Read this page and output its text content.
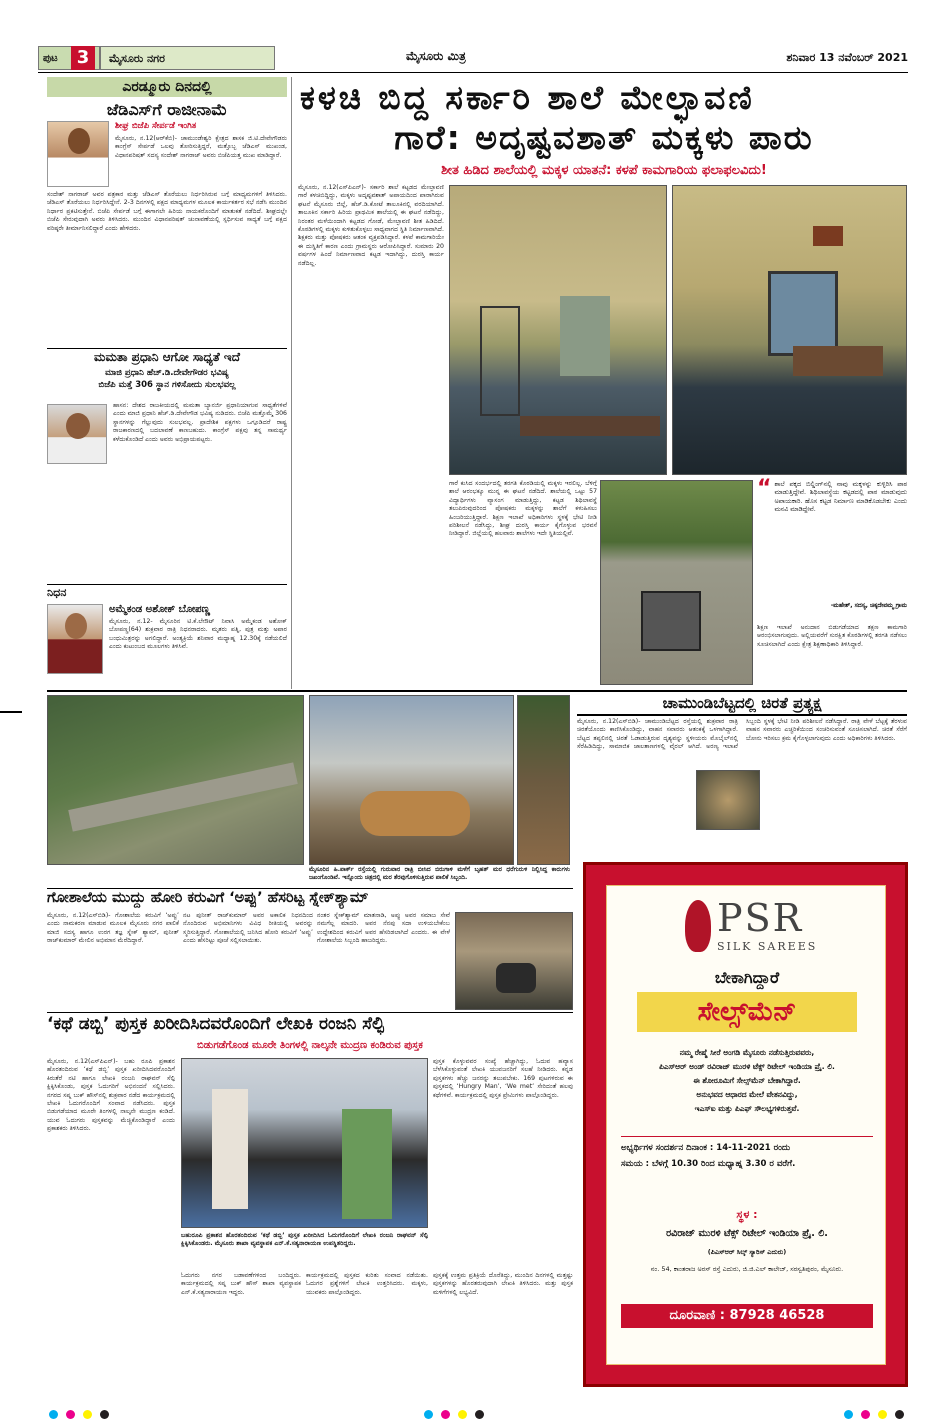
ಪುಟ	3	ಮೈಸೂರು ನಗರ	ಮೈಸೂರು ಮಿತ್ರ	ಶನಿವಾರ 13 ನವೆಂಬರ್ 2021
ಎರಡ್ಮೂರು ದಿನದಲ್ಲಿ
ಜೆಡಿಎಸ್‌ಗೆ ರಾಜೀನಾಮೆ
ಶೀಘ್ರ ಬಿಜೆಪಿ ಸೇರ್ಪಡೆ ಇಂಗಿತ
ಮೈಸೂರು, ನ.12(ಆರ್‌ಕೆಬಿ)- ಚಾಮುಂಡೇಶ್ವರಿ ಕ್ಷೇತ್ರದ ಶಾಸಕ ಜಿ.ಟಿ.ದೇವೇಗೌಡರು ಕಾಂಗ್ರೆಸ್ ಸೇರ್ಪಡೆ ಒಲವು ತೋರಿಸುತ್ತಿದ್ದರೆ, ಮತ್ತೊಬ್ಬ ಜೆಡಿಎಸ್ ಮುಖಂಡ, ವಿಧಾನಪರಿಷತ್ ಸದಸ್ಯ ಸಂದೇಶ್ ನಾಗರಾಜ್ ಅವರು ಬಿಜೆಪಿಯತ್ತ ಮುಖ ಮಾಡಿದ್ದಾರೆ.
ಸಂದೇಶ್ ನಾಗರಾಜ್ ಅವರ ಪತ್ರಕಾರ ಮತ್ತು ಜೆಡಿಎಸ್ ತೊರೆಯಲು ನಿರ್ಧರಿಸಿರುವ ಬಗ್ಗೆ ಮಾಧ್ಯಮಗಳಿಗೆ ತಿಳಿಸಿದರು. ಜೆಡಿಎಸ್ ತೊರೆಯಲು ನಿರ್ಧರಿಸಿದ್ದೇನೆ. 2-3 ದಿನಗಳಲ್ಲಿ ಪಕ್ಷದ ಮಾಧ್ಯಮಗಳ ಮೂಲಕ ಕಾರ್ಯಕರ್ತರ ಸಭೆ ನಡೆಸಿ ಮುಂದಿನ ನಿರ್ಧಾರ ಪ್ರಕಟಿಸುತ್ತೇನೆ. ಬಿಜೆಪಿ ಸೇರ್ಪಡೆ ಬಗ್ಗೆ ಈಗಾಗಲೇ ಹಿರಿಯ ನಾಯಕರೊಂದಿಗೆ ಮಾತುಕತೆ ನಡೆದಿದೆ. ಶೀಘ್ರದಲ್ಲೇ ಬಿಜೆಪಿ ಸೇರುವುದಾಗಿ ಅವರು ತಿಳಿಸಿದರು. ಮುಂದಿನ ವಿಧಾನಪರಿಷತ್ ಚುನಾವಣೆಯಲ್ಲಿ ಸ್ಪರ್ಧಿಸುವ ಸಾಧ್ಯತೆ ಬಗ್ಗೆ ಪಕ್ಷದ ವರಿಷ್ಠರೇ ತೀರ್ಮಾನಿಸಲಿದ್ದಾರೆ ಎಂದು ಹೇಳಿದರು.
ಮಮತಾ ಪ್ರಧಾನಿ ಆಗೋ ಸಾಧ್ಯತೆ ಇದೆ
ಮಾಜಿ ಪ್ರಧಾನಿ ಹೆಚ್.ಡಿ.ದೇವೇಗೌಡರ ಭವಿಷ್ಯ
ಬಿಜೆಪಿ ಮತ್ತೆ 306 ಸ್ಥಾನ ಗಳಿಸೋದು ಸುಲಭವಲ್ಲ
ಹಾಸನ: ದೇಶದ ರಾಜಕೀಯದಲ್ಲಿ ಮಮತಾ ಬ್ಯಾನರ್ಜಿ ಪ್ರಧಾನಿಯಾಗುವ ಸಾಧ್ಯತೆಗಳಿವೆ ಎಂದು ಮಾಜಿ ಪ್ರಧಾನಿ ಹೆಚ್.ಡಿ.ದೇವೇಗೌಡ ಭವಿಷ್ಯ ನುಡಿದರು. ಬಿಜೆಪಿ ಮತ್ತೊಮ್ಮೆ 306 ಸ್ಥಾನಗಳನ್ನು ಗೆಲ್ಲುವುದು ಸುಲಭವಲ್ಲ. ಪ್ರಾದೇಶಿಕ ಪಕ್ಷಗಳು ಒಗ್ಗೂಡಿದರೆ ರಾಷ್ಟ್ರ ರಾಜಕಾರಣದಲ್ಲಿ ಬದಲಾವಣೆ ಕಾಣಬಹುದು. ಕಾಂಗ್ರೆಸ್ ಪಕ್ಷವು ತನ್ನ ಸಾಮರ್ಥ್ಯ ಕಳೆದುಕೊಂಡಿದೆ ಎಂದು ಅವರು ಅಭಿಪ್ರಾಯಪಟ್ಟರು.
ನಿಧನ
ಅಮ್ಮೆಕಂಡ ಅಶೋಕ್ ಬೋಪಣ್ಣ
ಮೈಸೂರು, ನ.12- ಮೈಸೂರಿನ ಟಿ.ಕೆ.ಲೇಔಟ್ ನಿವಾಸಿ ಅಮ್ಮೆಕಂಡ ಅಶೋಕ್ ಬೋಪಣ್ಣ(64) ಶುಕ್ರವಾರ ರಾತ್ರಿ ನಿಧನರಾದರು. ಮೃತರು ಪತ್ನಿ, ಪುತ್ರ ಮತ್ತು ಅಪಾರ ಬಂಧುಮಿತ್ರರನ್ನು ಅಗಲಿದ್ದಾರೆ. ಅಂತ್ಯಕ್ರಿಯೆ ಶನಿವಾರ ಮಧ್ಯಾಹ್ನ 12.30ಕ್ಕೆ ನಡೆಯಲಿದೆ ಎಂದು ಕುಟುಂಬದ ಮೂಲಗಳು ತಿಳಿಸಿವೆ.
ಕಳಚಿ ಬಿದ್ದ ಸರ್ಕಾರಿ ಶಾಲೆ ಮೇಲ್ಛಾವಣಿ
ಗಾರೆ: ಅದೃಷ್ಟವಶಾತ್ ಮಕ್ಕಳು ಪಾರು
ಶೀತ ಹಿಡಿದ ಶಾಲೆಯಲ್ಲಿ ಮಕ್ಕಳ ಯಾತನೆ: ಕಳಪೆ ಕಾಮಗಾರಿಯ ಫಲಾಫಲವಿದು!
ಮೈಸೂರು, ನ.12(ಎಸ್‌ಪಿಎನ್)- ಸರ್ಕಾರಿ ಶಾಲೆ ಕಟ್ಟಡದ ಮೇಲ್ಛಾವಣಿ ಗಾರೆ ಕಳಚಿಬಿದ್ದಿದ್ದು, ಮಕ್ಕಳು ಅದೃಷ್ಟವಶಾತ್ ಅಪಾಯದಿಂದ ಪಾರಾಗಿರುವ ಘಟನೆ ಮೈಸೂರು ಜಿಲ್ಲೆ, ಹೆಚ್.ಡಿ.ಕೋಟೆ ತಾಲೂಕಿನಲ್ಲಿ ವರದಿಯಾಗಿದೆ. ತಾಲೂಕಿನ ಸರ್ಕಾರಿ ಹಿರಿಯ ಪ್ರಾಥಮಿಕ ಶಾಲೆಯಲ್ಲಿ ಈ ಘಟನೆ ನಡೆದಿದ್ದು, ನಿರಂತರ ಮಳೆಯಿಂದಾಗಿ ಕಟ್ಟಡದ ಗೋಡೆ, ಮೇಲ್ಛಾವಣಿ ಶೀತ ಹಿಡಿದಿದೆ. ಕೊಠಡಿಗಳಲ್ಲಿ ಮಕ್ಕಳು ಕುಳಿತುಕೊಳ್ಳಲು ಸಾಧ್ಯವಾಗದ ಸ್ಥಿತಿ ನಿರ್ಮಾಣವಾಗಿದೆ. ಶಿಕ್ಷಕರು ಮತ್ತು ಪೋಷಕರು ಆತಂಕ ವ್ಯಕ್ತಪಡಿಸಿದ್ದಾರೆ. ಕಳಪೆ ಕಾಮಗಾರಿಯೇ ಈ ದುಸ್ಥಿತಿಗೆ ಕಾರಣ ಎಂದು ಗ್ರಾಮಸ್ಥರು ಆರೋಪಿಸಿದ್ದಾರೆ. ಸುಮಾರು 20 ವರ್ಷಗಳ ಹಿಂದೆ ನಿರ್ಮಾಣವಾದ ಕಟ್ಟಡ ಇದಾಗಿದ್ದು, ದುರಸ್ತಿ ಕಾರ್ಯ ನಡೆದಿಲ್ಲ.
ಗಾರೆ ಕುಸಿದ ಸಂದರ್ಭದಲ್ಲಿ ತರಗತಿ ಕೊಠಡಿಯಲ್ಲಿ ಮಕ್ಕಳು ಇರಲಿಲ್ಲ. ಬೆಳಿಗ್ಗೆ ಶಾಲೆ ಆರಂಭಕ್ಕೂ ಮುನ್ನ ಈ ಘಟನೆ ನಡೆದಿದೆ. ಶಾಲೆಯಲ್ಲಿ ಒಟ್ಟು 57 ವಿದ್ಯಾರ್ಥಿಗಳು ವ್ಯಾಸಂಗ ಮಾಡುತ್ತಿದ್ದು, ಕಟ್ಟಡ ಶಿಥಿಲಾವಸ್ಥೆ ತಲುಪಿರುವುದರಿಂದ ಪೋಷಕರು ಮಕ್ಕಳನ್ನು ಶಾಲೆಗೆ ಕಳುಹಿಸಲು ಹಿಂಜರಿಯುತ್ತಿದ್ದಾರೆ. ಶಿಕ್ಷಣ ಇಲಾಖೆ ಅಧಿಕಾರಿಗಳು ಸ್ಥಳಕ್ಕೆ ಭೇಟಿ ನೀಡಿ ಪರಿಶೀಲನೆ ನಡೆಸಿದ್ದು, ಶೀಘ್ರ ದುರಸ್ತಿ ಕಾರ್ಯ ಕೈಗೊಳ್ಳುವ ಭರವಸೆ ನೀಡಿದ್ದಾರೆ. ಜಿಲ್ಲೆಯಲ್ಲಿ ಹಲವಾರು ಶಾಲೆಗಳು ಇದೇ ಸ್ಥಿತಿಯಲ್ಲಿವೆ.
“ ಶಾಲೆ ಪಕ್ಕದ ಬಿಲ್ಡಿಂಗ್‌ನಲ್ಲಿ ನಾವು ಮಕ್ಕಳನ್ನು ಕುಳ್ಳಿರಿಸಿ ಪಾಠ ಮಾಡುತ್ತಿದ್ದೇವೆ. ಶಿಥಿಲಾವಸ್ಥೆಯ ಕಟ್ಟಡದಲ್ಲಿ ಪಾಠ ಮಾಡುವುದು ಅಪಾಯಕಾರಿ. ಹೊಸ ಕಟ್ಟಡ ನಿರ್ಮಾಣ ಮಾಡಿಕೊಡಬೇಕು ಎಂದು ಮನವಿ ಮಾಡಿದ್ದೇವೆ.
-ಮಹೇಶ್, ಸದಸ್ಯ, ಚಿಕ್ಕದೇವಮ್ಮ ಗ್ರಾಮ
ಶಿಕ್ಷಣ ಇಲಾಖೆ ಅನುದಾನ ಬಿಡುಗಡೆಯಾದ ತಕ್ಷಣ ಕಾಮಗಾರಿ ಆರಂಭಿಸಲಾಗುವುದು. ಅಲ್ಲಿಯವರೆಗೆ ಸುರಕ್ಷಿತ ಕೊಠಡಿಗಳಲ್ಲಿ ತರಗತಿ ನಡೆಸಲು ಸೂಚಿಸಲಾಗಿದೆ ಎಂದು ಕ್ಷೇತ್ರ ಶಿಕ್ಷಣಾಧಿಕಾರಿ ತಿಳಿಸಿದ್ದಾರೆ.
ಮೈಸೂರಿನ ಹಿ.ಪಾರ್ಕ್ ರಸ್ತೆಯಲ್ಲಿ ಗುರುವಾರ ರಾತ್ರಿ ಬೀಸಿದ ಬಿರುಗಾಳಿ ಮಳೆಗೆ ಬೃಹತ್ ಮರ ಧರೆಗುರುಳಿ ನಿಲ್ಲಿಸಿದ್ದ ಕಾರುಗಳು ಜಖಂಗೊಂಡಿವೆ. ಇನ್ನೊಂದು ಚಿತ್ರದಲ್ಲಿ ಮರ ತೆರವುಗೊಳಿಸುತ್ತಿರುವ ಪಾಲಿಕೆ ಸಿಬ್ಬಂದಿ.
ಚಾಮುಂಡಿಬೆಟ್ಟದಲ್ಲಿ ಚಿರತೆ ಪ್ರತ್ಯಕ್ಷ
ಮೈಸೂರು, ನ.12(ಎಸ್‌ಬಿಡಿ)- ಚಾಮುಂಡಿಬೆಟ್ಟದ ರಸ್ತೆಯಲ್ಲಿ ಶುಕ್ರವಾರ ರಾತ್ರಿ ಚಿರತೆಯೊಂದು ಕಾಣಿಸಿಕೊಂಡಿದ್ದು, ವಾಹನ ಸವಾರರು ಆತಂಕಕ್ಕೆ ಒಳಗಾಗಿದ್ದಾರೆ. ಬೆಟ್ಟದ ತಪ್ಪಲಿನಲ್ಲಿ ಚಿರತೆ ಓಡಾಡುತ್ತಿರುವ ದೃಶ್ಯವನ್ನು ಸ್ಥಳೀಯರು ಮೊಬೈಲ್‌ನಲ್ಲಿ ಸೆರೆಹಿಡಿದಿದ್ದು, ಸಾಮಾಜಿಕ ಜಾಲತಾಣಗಳಲ್ಲಿ ವೈರಲ್ ಆಗಿದೆ. ಅರಣ್ಯ ಇಲಾಖೆ ಸಿಬ್ಬಂದಿ ಸ್ಥಳಕ್ಕೆ ಭೇಟಿ ನೀಡಿ ಪರಿಶೀಲನೆ ನಡೆಸಿದ್ದಾರೆ. ರಾತ್ರಿ ವೇಳೆ ಬೆಟ್ಟಕ್ಕೆ ತೆರಳುವ ವಾಹನ ಸವಾರರು ಎಚ್ಚರಿಕೆಯಿಂದ ಸಂಚರಿಸುವಂತೆ ಸೂಚಿಸಲಾಗಿದೆ. ಚಿರತೆ ಸೆರೆಗೆ ಬೋನು ಇರಿಸಲು ಕ್ರಮ ಕೈಗೊಳ್ಳಲಾಗುವುದು ಎಂದು ಅಧಿಕಾರಿಗಳು ತಿಳಿಸಿದರು.
ಗೋಶಾಲೆಯ ಮುದ್ದು ಹೋರಿ ಕರುವಿಗೆ ‘ಅಪ್ಪು’ ಹೆಸರಿಟ್ಟ ಸ್ನೇಕ್‌ಶ್ಯಾಮ್
ಮೈಸೂರು, ನ.12(ಎಸ್‌ಬಿಡಿ)- ಗೋಶಾಲೆಯ ಕರುವಿಗೆ ‘ಅಪ್ಪು’ ಎಂದು ನಾಮಕರಣ ಮಾಡುವ ಮೂಲಕ ಮೈಸೂರು ನಗರ ಪಾಲಿಕೆ ಮಾಜಿ ಸದಸ್ಯ ಹಾಗೂ ಉರಗ ತಜ್ಞ ಸ್ನೇಕ್ ಶ್ಯಾಮ್, ಪುನೀತ್ ರಾಜ್‌ಕುಮಾರ್ ಮೇಲಿನ ಅಭಿಮಾನ ಮೆರೆದಿದ್ದಾರೆ.
ನಟ ಪುನೀತ್ ರಾಜ್‌ಕುಮಾರ್ ಅವರ ಅಕಾಲಿಕ ನಿಧನದಿಂದ ನೊಂದಿರುವ ಅಭಿಮಾನಿಗಳು ವಿವಿಧ ರೀತಿಯಲ್ಲಿ ಅವರನ್ನು ಸ್ಮರಿಸುತ್ತಿದ್ದಾರೆ. ಗೋಶಾಲೆಯಲ್ಲಿ ಜನಿಸಿದ ಹೋರಿ ಕರುವಿಗೆ ‘ಅಪ್ಪು’ ಎಂದು ಹೆಸರಿಟ್ಟು ಪೂಜೆ ಸಲ್ಲಿಸಲಾಯಿತು.
ನಂತರ ಸ್ನೇಕ್‌ಶ್ಯಾಮ್ ಮಾತನಾಡಿ, ಅಪ್ಪು ಅವರ ಸಮಾಜ ಸೇವೆ ನಮಗೆಲ್ಲ ಮಾದರಿ. ಅವರ ನೆನಪು ಸದಾ ಉಳಿಯಬೇಕೆಂಬ ಉದ್ದೇಶದಿಂದ ಕರುವಿಗೆ ಅವರ ಹೆಸರಿಡಲಾಗಿದೆ ಎಂದರು. ಈ ವೇಳೆ ಗೋಶಾಲೆಯ ಸಿಬ್ಬಂದಿ ಹಾಜರಿದ್ದರು.
‘ಕಥೆ ಡಬ್ಬಿ’ ಪುಸ್ತಕ ಖರೀದಿಸಿದವರೊಂದಿಗೆ ಲೇಖಕಿ ರಂಜನಿ ಸೆಲ್ಫಿ
ಬಿಡುಗಡೆಗೊಂಡ ಮೂರೇ ತಿಂಗಳಲ್ಲಿ ನಾಲ್ಕನೇ ಮುದ್ರಣ ಕಂಡಿರುವ ಪುಸ್ತಕ
ಮೈಸೂರು, ನ.12(ಎಸ್‌ಪಿಎನ್)- ಬಹು ರೂಪಿ ಪ್ರಕಾಶನ ಹೊರತಂದಿರುವ ‘ಕಥೆ ಡಬ್ಬಿ’ ಪುಸ್ತಕ ಖರೀದಿಸಿದವರೊಂದಿಗೆ ಕಿರುತೆರೆ ನಟಿ ಹಾಗೂ ಲೇಖಕಿ ರಂಜನಿ ರಾಘವನ್ ಸೆಲ್ಫಿ ಕ್ಲಿಕ್ಕಿಸಿಕೊಂಡು, ಪುಸ್ತಕ ಓದುಗರಿಗೆ ಅಭಿನಂದನೆ ಸಲ್ಲಿಸಿದರು. ನಗರದ ಸಪ್ನ ಬುಕ್ ಹೌಸ್‌ನಲ್ಲಿ ಶುಕ್ರವಾರ ನಡೆದ ಕಾರ್ಯಕ್ರಮದಲ್ಲಿ ಲೇಖಕಿ ಓದುಗರೊಂದಿಗೆ ಸಂವಾದ ನಡೆಸಿದರು. ಪುಸ್ತಕ ಬಿಡುಗಡೆಯಾದ ಮೂರೇ ತಿಂಗಳಲ್ಲಿ ನಾಲ್ಕನೇ ಮುದ್ರಣ ಕಂಡಿದೆ. ಯುವ ಓದುಗರು ಪುಸ್ತಕವನ್ನು ಮೆಚ್ಚಿಕೊಂಡಿದ್ದಾರೆ ಎಂದು ಪ್ರಕಾಶಕರು ತಿಳಿಸಿದರು.
ಬಹುರೂಪಿ ಪ್ರಕಾಶನ ಹೊರತಂದಿರುವ ‘ಕಥೆ ಡಬ್ಬಿ’ ಪುಸ್ತಕ ಖರೀದಿಸಿದ ಓದುಗರೊಂದಿಗೆ ಲೇಖಕಿ ರಂಜನಿ ರಾಘವನ್ ಸೆಲ್ಫಿ ಕ್ಲಿಕ್ಕಿಸಿಕೊಂಡರು. ಮೈಸೂರು ಶಾಖಾ ವ್ಯವಸ್ಥಾಪಕ ಎನ್.ಕೆ.ಸತ್ಯನಾರಾಯಣ ಉಪಸ್ಥಿತರಿದ್ದರು.
ಓದುಗರು ನಗರ ಬಡಾವಣೆಗಳಿಂದ ಬಂದಿದ್ದರು. ಕಾರ್ಯಕ್ರಮದಲ್ಲಿ ಸಪ್ನ ಬುಕ್ ಹೌಸ್ ಶಾಖಾ ವ್ಯವಸ್ಥಾಪಕ ಎನ್.ಕೆ.ಸತ್ಯನಾರಾಯಣ ಇದ್ದರು.
ಕಾರ್ಯಕ್ರಮದಲ್ಲಿ ಪುಸ್ತಕದ ಕುರಿತು ಸಂವಾದ ನಡೆಯಿತು. ಓದುಗರ ಪ್ರಶ್ನೆಗಳಿಗೆ ಲೇಖಕಿ ಉತ್ತರಿಸಿದರು. ಮಕ್ಕಳು, ಯುವಕರು ಪಾಲ್ಗೊಂಡಿದ್ದರು.
ಪುಸ್ತಕ ಕೊಳ್ಳುವವರ ಸಂಖ್ಯೆ ಹೆಚ್ಚಾಗಿದ್ದು, ಓದುವ ಹವ್ಯಾಸ ಬೆಳೆಸಿಕೊಳ್ಳುವಂತೆ ಲೇಖಕಿ ಯುವಜನರಿಗೆ ಸಲಹೆ ನೀಡಿದರು. ಕನ್ನಡ ಪುಸ್ತಕಗಳು ಹೆಚ್ಚು ಜನರನ್ನು ತಲುಪಬೇಕು. 169 ಪುಟಗಳಿರುವ ಈ ಪುಸ್ತಕದಲ್ಲಿ ‘Hungry Man’, ‘We met’ ಸೇರಿದಂತೆ ಹಲವು ಕಥೆಗಳಿವೆ. ಕಾರ್ಯಕ್ರಮದಲ್ಲಿ ಪುಸ್ತಕ ಪ್ರೇಮಿಗಳು ಪಾಲ್ಗೊಂಡಿದ್ದರು.
ಪುಸ್ತಕಕ್ಕೆ ಉತ್ತಮ ಪ್ರತಿಕ್ರಿಯೆ ದೊರೆತಿದ್ದು, ಮುಂದಿನ ದಿನಗಳಲ್ಲಿ ಮತ್ತಷ್ಟು ಪುಸ್ತಕಗಳನ್ನು ಹೊರತರುವುದಾಗಿ ಲೇಖಕಿ ತಿಳಿಸಿದರು. ಮತ್ತು ಪುಸ್ತಕ ಮಳಿಗೆಗಳಲ್ಲಿ ಲಭ್ಯವಿದೆ.
PSR
SILK SAREES
ಬೇಕಾಗಿದ್ದಾರೆ
ಸೇಲ್ಸ್‌ಮೆನ್
ನಮ್ಮ ರೇಷ್ಮೆ ಸೀರೆ ಅಂಗಡಿ ಮೈಸೂರು ನಡೆಸುತ್ತಿರುವವರು,
ಪಿಎಸ್‌ಆರ್ ಅಂಡ್ ರವಿರಾಜ್ ಮುರಳಿ ಟೆಕ್ಸ್ ರಿಟೇಲ್ ಇಂಡಿಯಾ ಪ್ರೈ. ಲಿ.
ಈ ಶೋರೂಮಿಗೆ ಸೇಲ್ಸ್‌ಮೆನ್ ಬೇಕಾಗಿದ್ದಾರೆ.
ಅನುಭವದ ಆಧಾರದ ಮೇಲೆ ವೇತನವಿದ್ದು,
ಇಎಸ್‌ಐ ಮತ್ತು ಪಿಎಫ್ ಸೌಲಭ್ಯಗಳಿರುತ್ತವೆ.
ಅಭ್ಯರ್ಥಿಗಳ ಸಂದರ್ಶನ ದಿನಾಂಕ : 14-11-2021 ರಂದು
ಸಮಯ : ಬೆಳಗ್ಗೆ 10.30 ರಿಂದ ಮಧ್ಯಾಹ್ನ 3.30 ರ ವರೆಗೆ.
ಸ್ಥಳ :
ರವಿರಾಜ್ ಮುರಳಿ ಟೆಕ್ಸ್ ರಿಟೇಲ್ ಇಂಡಿಯಾ ಪ್ರೈ. ಲಿ.
(ಪಿಎಸ್‌ಆರ್ ಸಿಲ್ಕ್ ಸ್ಯಾರಿಸ್ ಎದುರು)
ನಂ. 54, ಕಾಂತರಾಜ ಅರಸ್ ರಸ್ತೆ ಎದುರು, ಜಿ.ಜಿ.ಎಲ್ ಕಾಲೇಜ್, ಸರಸ್ವತಿಪುರಂ, ಮೈಸೂರು.
ದೂರವಾಣಿ : 87928 46528
